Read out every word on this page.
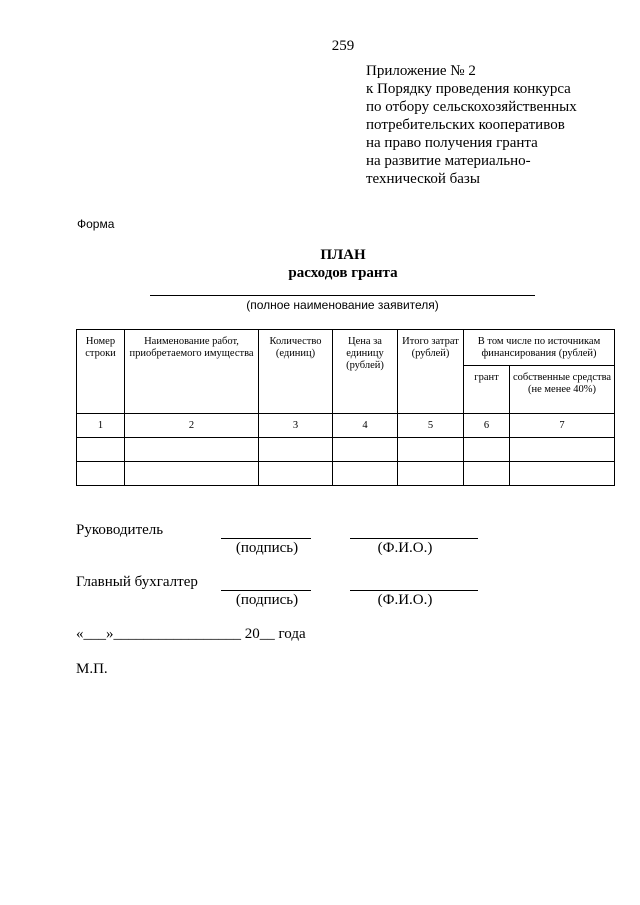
259
Приложение № 2
к Порядку проведения конкурса
по отбору сельскохозяйственных
потребительских кооперативов
на право получения гранта
на развитие материально-
технической базы
Форма
ПЛАН
расходов гранта
(полное наименование заявителя)
Номер строки	Наименование работ, приобретаемого имущества	Количество (единиц)	Цена за единицу (рублей)	Итого затрат (рублей)	В том числе по источникам финансирования (рублей)	
					грант	собственные средства (не менее 40%)
1	2	3	4	5	6	7

Руководитель
(подпись)	(Ф.И.О.)
Главный бухгалтер
(подпись)	(Ф.И.О.)
«___»_________________ 20__ года
М.П.
